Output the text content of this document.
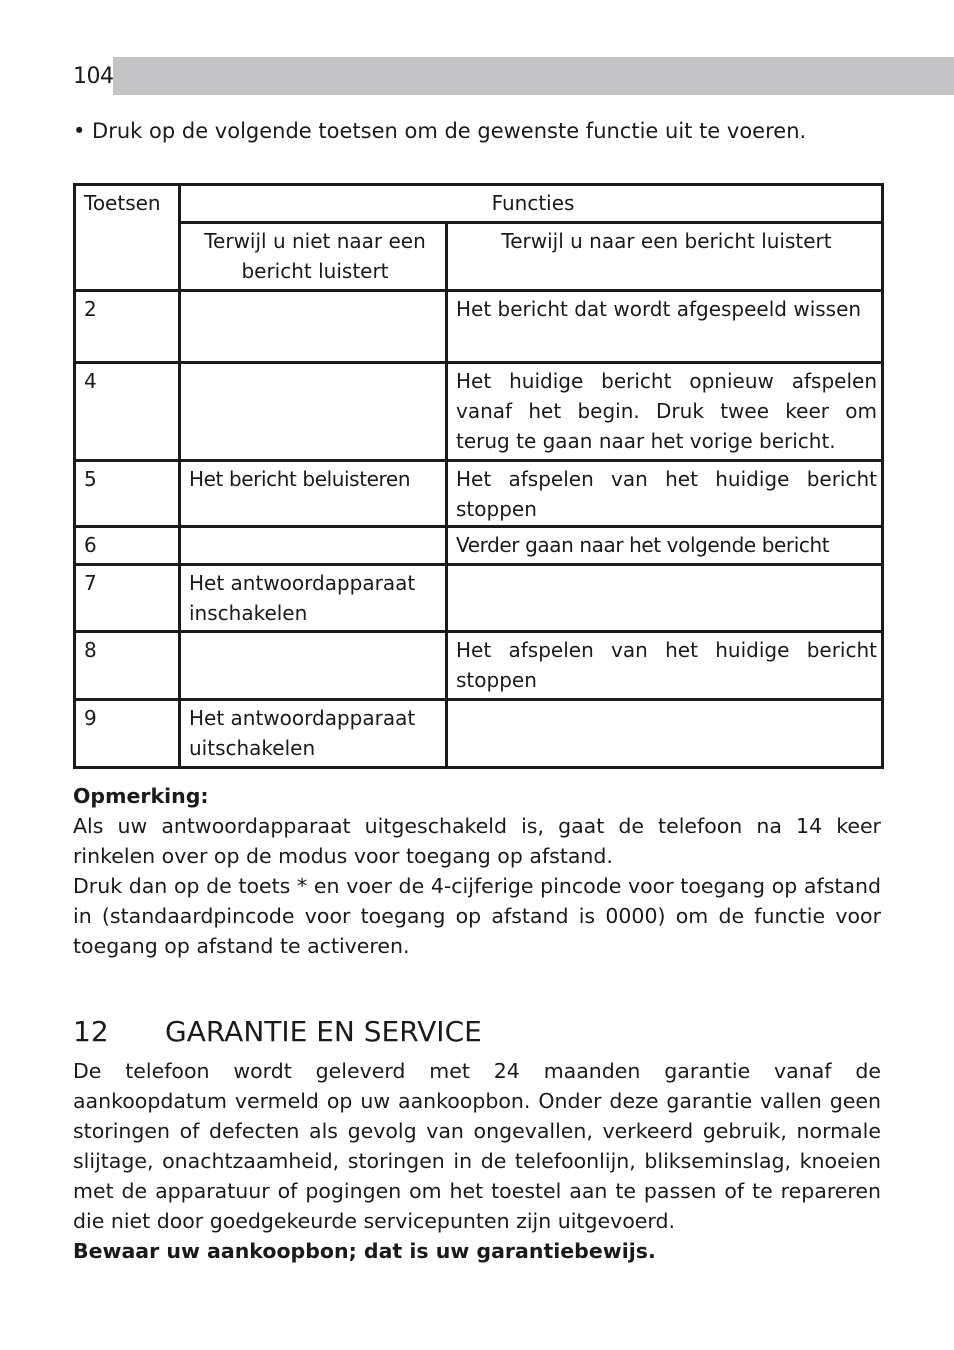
104
• Druk op de volgende toetsen om de gewenste functie uit te voeren.
Toetsen	Functies	
	Terwijl u niet naar een bericht luistert	Terwijl u naar een bericht luistert
2		Het bericht dat wordt afgespeeld wissen
4		Het huidige bericht opnieuw afspelen vanaf het begin. Druk twee keer om terug te gaan naar het vorige bericht.
5	Het bericht beluisteren	Het afspelen van het huidige bericht stoppen
6		Verder gaan naar het volgende bericht
7	Het antwoordapparaat inschakelen	
8		Het afspelen van het huidige bericht stoppen
9	Het antwoordapparaat uitschakelen	
Opmerking:

Als uw antwoordapparaat uitgeschakeld is, gaat de telefoon na 14 keer rinkelen over op de modus voor toegang op afstand.

Druk dan op de toets * en voer de 4-cijferige pincode voor toegang op afstand in (standaardpincode voor toegang op afstand is 0000) om de functie voor toegang op afstand te activeren.

12 GARANTIE EN SERVICE

De telefoon wordt geleverd met 24 maanden garantie vanaf de aankoopdatum vermeld op uw aankoopbon. Onder deze garantie vallen geen storingen of defecten als gevolg van ongevallen, verkeerd gebruik, normale slijtage, onachtzaamheid, storingen in de telefoonlijn, blikseminslag, knoeien met de apparatuur of pogingen om het toestel aan te passen of te repareren die niet door goedgekeurde servicepunten zijn uitgevoerd.

Bewaar uw aankoopbon; dat is uw garantiebewijs.
